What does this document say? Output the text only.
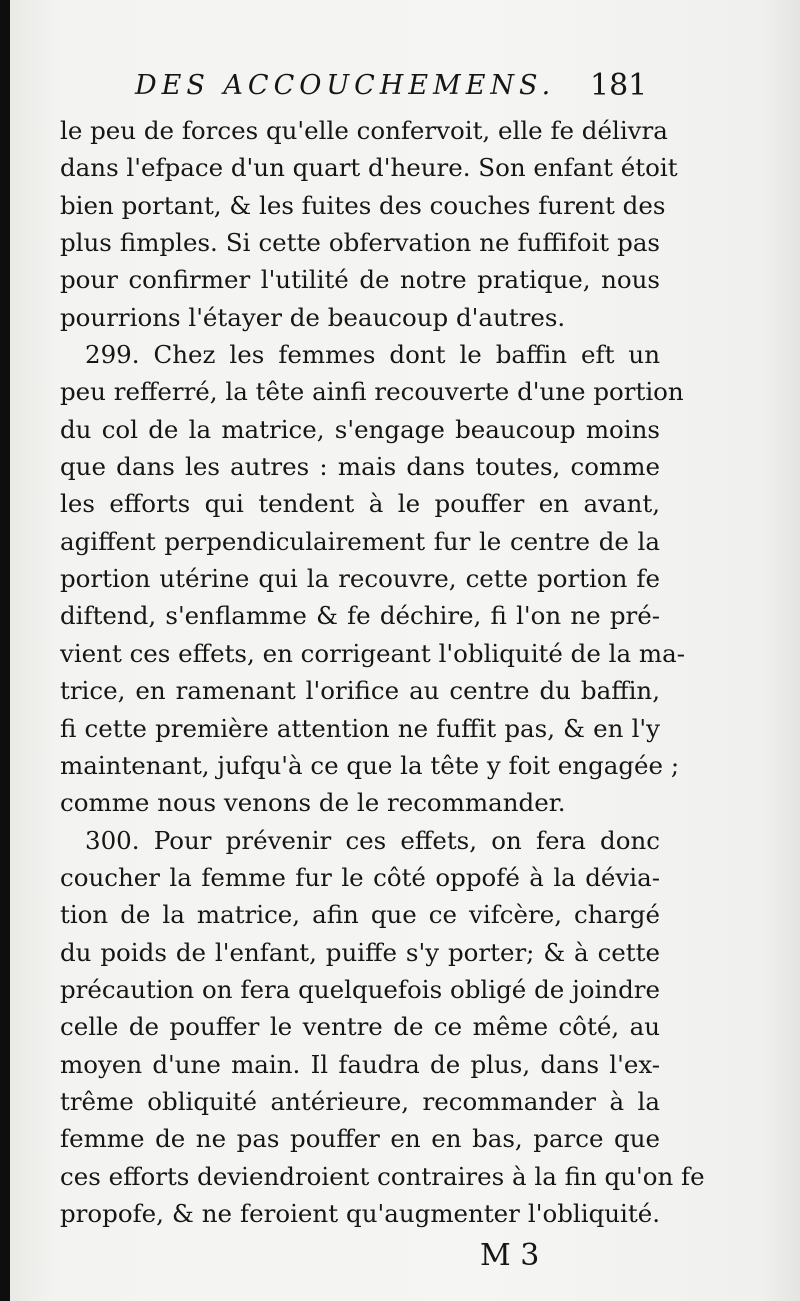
DES ACCOUCHEMENS. 181
le peu de forces qu'elle confervoit, elle fe délivra
dans l'efpace d'un quart d'heure. Son enfant étoit
bien portant, & les fuites des couches furent des
plus fimples. Si cette obfervation ne fuffifoit pas
pour confirmer l'utilité de notre pratique, nous
pourrions l'étayer de beaucoup d'autres.
299. Chez les femmes dont le baffin eft un
peu refferré, la tête ainfi recouverte d'une portion
du col de la matrice, s'engage beaucoup moins
que dans les autres : mais dans toutes, comme
les efforts qui tendent à le pouffer en avant,
agiffent perpendiculairement fur le centre de la
portion utérine qui la recouvre, cette portion fe
diftend, s'enflamme & fe déchire, fi l'on ne pré-
vient ces effets, en corrigeant l'obliquité de la ma-
trice, en ramenant l'orifice au centre du baffin,
fi cette première attention ne fuffit pas, & en l'y
maintenant, jufqu'à ce que la tête y foit engagée ;
comme nous venons de le recommander.
300. Pour prévenir ces effets, on fera donc
coucher la femme fur le côté oppofé à la dévia-
tion de la matrice, afin que ce vifcère, chargé
du poids de l'enfant, puiffe s'y porter; & à cette
précaution on fera quelquefois obligé de joindre
celle de pouffer le ventre de ce même côté, au
moyen d'une main. Il faudra de plus, dans l'ex-
trême obliquité antérieure, recommander à la
femme de ne pas pouffer en en bas, parce que
ces efforts deviendroient contraires à la fin qu'on fe
propofe, & ne feroient qu'augmenter l'obliquité.
M 3
